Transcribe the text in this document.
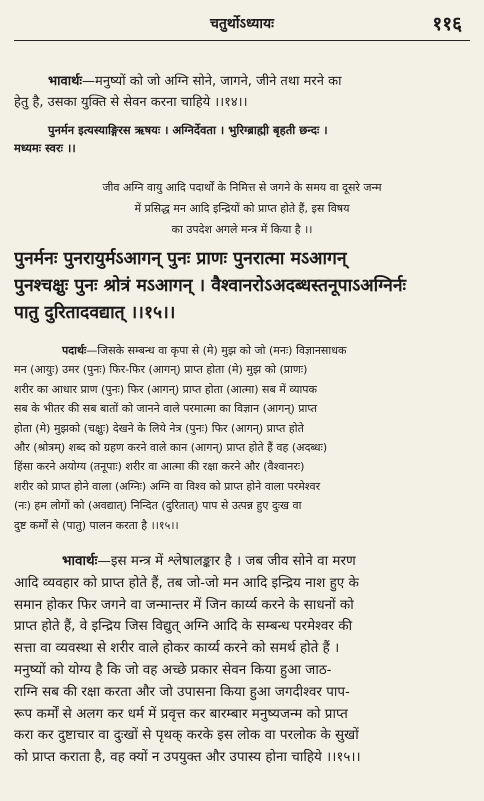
चतुर्थोऽध्यायः	११६
भावार्थः—मनुष्यों को जो अग्नि सोने, जागने, जीने तथा मरने का
हेतु है, उसका युक्ति से सेवन करना चाहिये ।।१४।।
पुनर्मन इत्यस्याङ्गिरस ऋषयः । अग्निर्देवता । भुरिग्ब्राह्मी बृहती छन्दः ।
मध्यमः स्वरः ।।
जीव अग्नि वायु आदि पदार्थों के निमित्त से जगने के समय वा दूसरे जन्म
में प्रसिद्ध मन आदि इन्द्रियों को प्राप्त होते हैं, इस विषय
का उपदेश अगले मन्त्र में किया है ।।
पुनर्मनः पुनरायुर्मऽआगन् पुनः प्राणः पुनरात्मा मऽआगन्
पुनश्चक्षुः पुनः श्रोत्रं मऽआगन् । वैश्वानरोऽअदब्धस्तनूपाऽअग्निर्नः
पातु दुरितादवद्यात् ।।१५।।
पदार्थः—जिसके सम्बन्ध वा कृपा से (मे) मुझ को जो (मनः) विज्ञानसाधक
मन (आयुः) उमर (पुनः) फिर-फिर (आगन्) प्राप्त होता (मे) मुझ को (प्राणः)
शरीर का आधार प्राण (पुनः) फिर (आगन्) प्राप्त होता (आत्मा) सब में व्यापक
सब के भीतर की सब बातों को जानने वाले परमात्मा का विज्ञान (आगन्) प्राप्त
होता (मे) मुझको (चक्षुः) देखने के लिये नेत्र (पुनः) फिर (आगन्) प्राप्त होते
और (श्रोत्रम्) शब्द को ग्रहण करने वाले कान (आगन्) प्राप्त होते हैं वह (अदब्धः)
हिंसा करने अयोग्य (तनूपाः) शरीर वा आत्मा की रक्षा करने और (वैश्वानरः)
शरीर को प्राप्त होने वाला (अग्निः) अग्नि वा विश्व को प्राप्त होने वाला परमेश्वर
(नः) हम लोगों को (अवद्यात्) निन्दित (दुरितात्) पाप से उत्पन्न हुए दुःख वा
दुष्ट कर्मों से (पातु) पालन करता है ।।१५।।
भावार्थः—इस मन्त्र में श्लेषालङ्कार है । जब जीव सोने वा मरण
आदि व्यवहार को प्राप्त होते हैं, तब जो-जो मन आदि इन्द्रिय नाश हुए के
समान होकर फिर जगने वा जन्मान्तर में जिन कार्य्य करने के साधनों को
प्राप्त होते हैं, वे इन्द्रिय जिस विद्युत् अग्नि आदि के सम्बन्ध परमेश्वर की
सत्ता वा व्यवस्था से शरीर वाले होकर कार्य्य करने को समर्थ होते हैं ।
मनुष्यों को योग्य है कि जो वह अच्छे प्रकार सेवन किया हुआ जाठ-
राग्नि सब की रक्षा करता और जो उपासना किया हुआ जगदीश्वर पाप-
रूप कर्मों से अलग कर धर्म में प्रवृत्त कर बारम्बार मनुष्यजन्म को प्राप्त
करा कर दुष्टाचार वा दुःखों से पृथक् करके इस लोक वा परलोक के सुखों
को प्राप्त कराता है, वह क्यों न उपयुक्त और उपास्य होना चाहिये ।।१५।।
